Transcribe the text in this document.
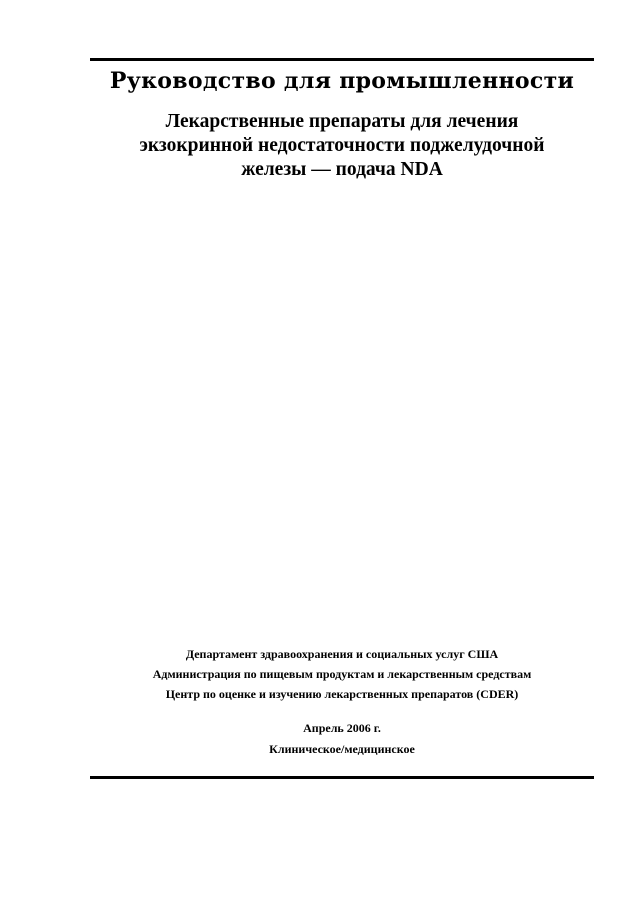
Руководство для промышленности
Лекарственные препараты для лечения
экзокринной недостаточности поджелудочной
железы — подача NDA
Департамент здравоохранения и социальных услуг США
Администрация по пищевым продуктам и лекарственным средствам
Центр по оценке и изучению лекарственных препаратов (CDER)
Апрель 2006 г.
Клиническое/медицинское
